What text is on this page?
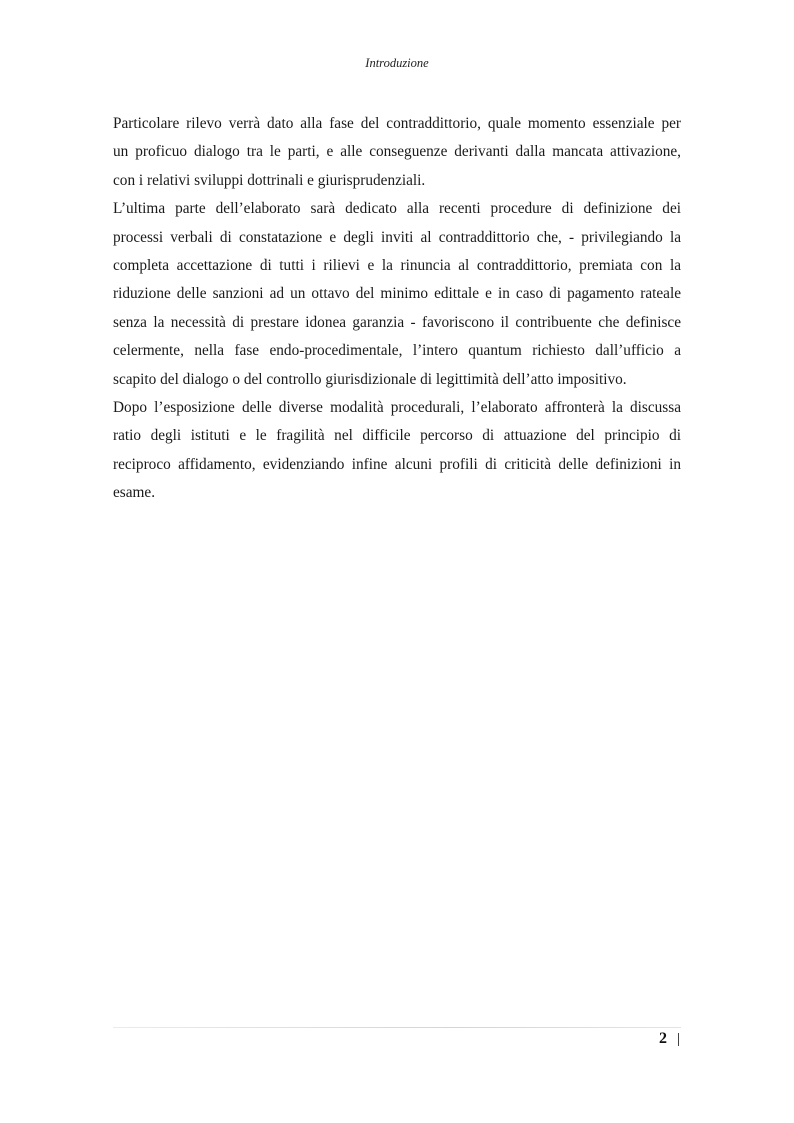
Introduzione
Particolare rilevo verrà dato alla fase del contraddittorio, quale momento essenziale per
un proficuo dialogo tra le parti, e alle conseguenze derivanti dalla mancata attivazione,
con i relativi sviluppi dottrinali e giurisprudenziali.
L’ultima parte dell’elaborato sarà dedicato alla recenti procedure di definizione dei
processi verbali di constatazione e degli inviti al contraddittorio che, - privilegiando la
completa accettazione di tutti i rilievi e la rinuncia al contraddittorio, premiata con la
riduzione delle sanzioni ad un ottavo del minimo edittale e in caso di pagamento rateale
senza la necessità di prestare idonea garanzia - favoriscono il contribuente che definisce
celermente, nella fase endo-procedimentale, l’intero quantum richiesto dall’ufficio a
scapito del dialogo o del controllo giurisdizionale di legittimità dell’atto impositivo.
Dopo l’esposizione delle diverse modalità procedurali, l’elaborato affronterà la discussa
ratio degli istituti e le fragilità nel difficile percorso di attuazione del principio di
reciproco affidamento, evidenziando infine alcuni profili di criticità delle definizioni in
esame.
2
